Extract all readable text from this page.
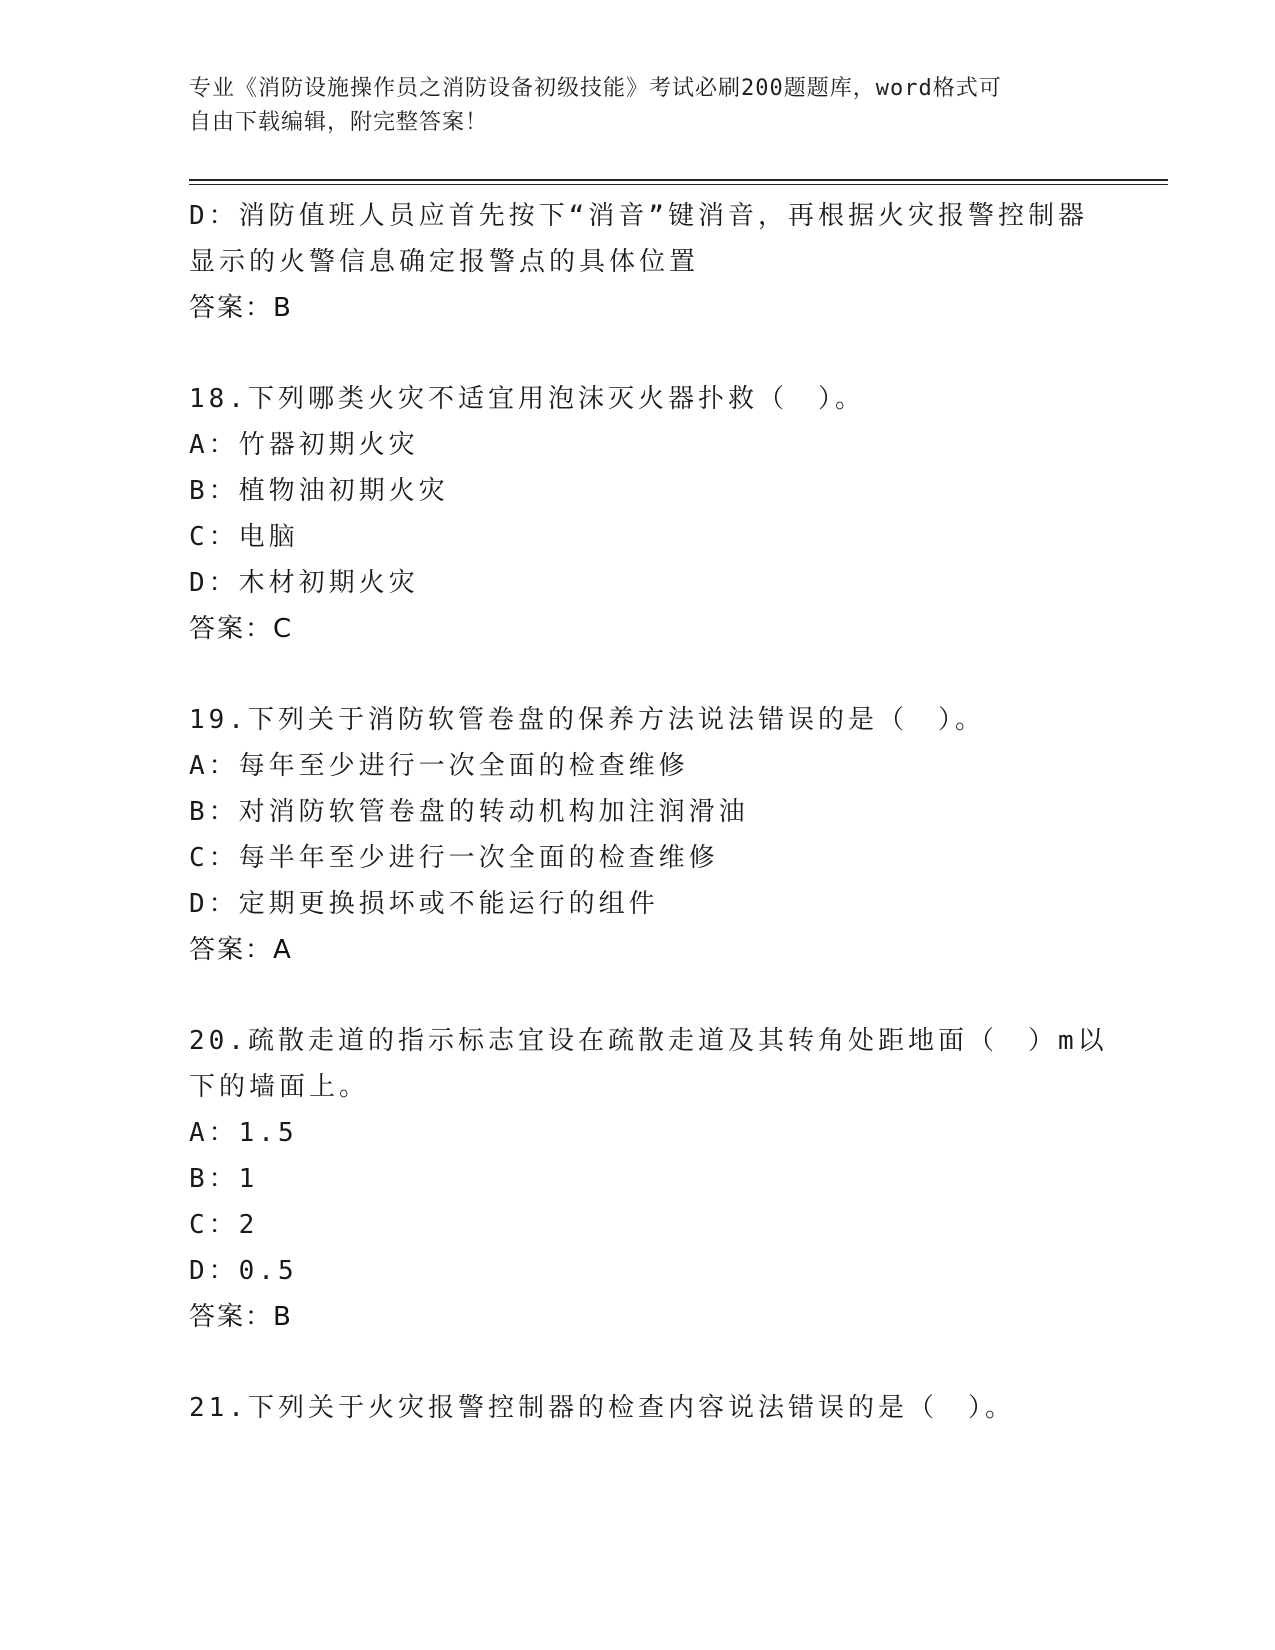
专业《消防设施操作员之消防设备初级技能》考试必刷200题题库，word格式可
自由下载编辑，附完整答案！
D：消防值班人员应首先按下“消音”键消音，再根据火灾报警控制器
显示的火警信息确定报警点的具体位置
答案：B
18.下列哪类火灾不适宜用泡沫灭火器扑救（　）。
A：竹器初期火灾
B：植物油初期火灾
C：电脑
D：木材初期火灾
答案：C
19.下列关于消防软管卷盘的保养方法说法错误的是（　）。
A：每年至少进行一次全面的检查维修
B：对消防软管卷盘的转动机构加注润滑油
C：每半年至少进行一次全面的检查维修
D：定期更换损坏或不能运行的组件
答案：A
20.疏散走道的指示标志宜设在疏散走道及其转角处距地面（　）m以
下的墙面上。
A：1.5
B：1
C：2
D：0.5
答案：B
21.下列关于火灾报警控制器的检查内容说法错误的是（　）。
